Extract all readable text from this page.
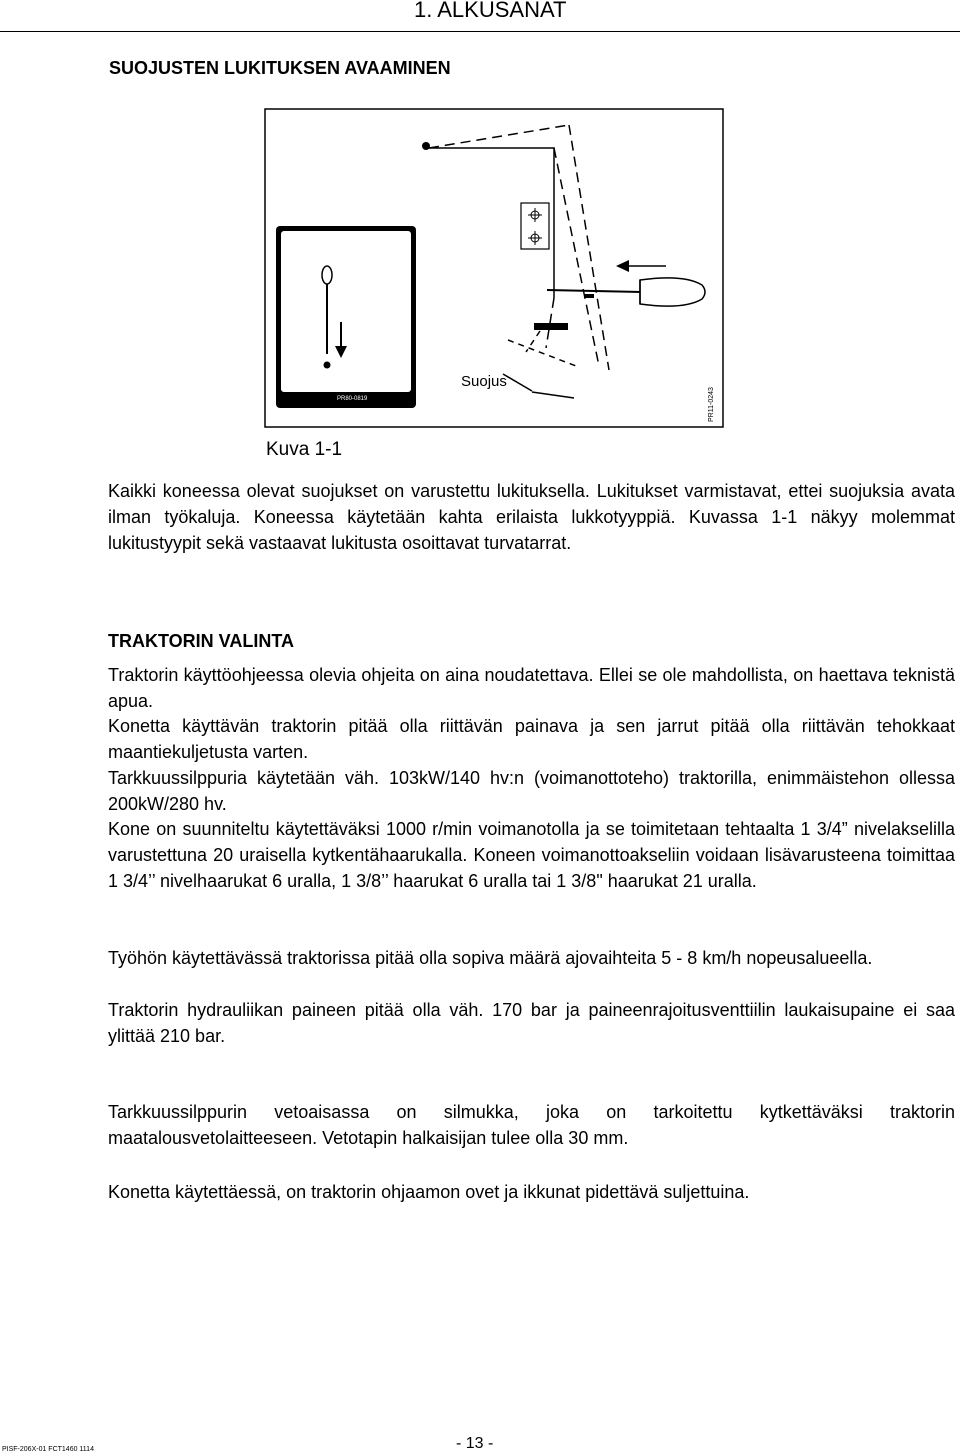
1. ALKUSANAT
SUOJUSTEN LUKITUKSEN AVAAMINEN
PR80-0819
Suojus
PR11-0243
Kuva 1-1
Kaikki koneessa olevat suojukset on varustettu lukituksella. Lukitukset varmistavat, ettei suojuksia avata ilman työkaluja. Koneessa käytetään kahta erilaista lukkotyyppiä. Kuvassa 1-1 näkyy molemmat lukitustyypit sekä vastaavat lukitusta osoittavat turvatarrat.
TRAKTORIN VALINTA
Traktorin käyttöohjeessa olevia ohjeita on aina noudatettava. Ellei se ole mahdollista, on haettava teknistä apua.
Konetta käyttävän traktorin pitää olla riittävän painava ja sen jarrut pitää olla riittävän tehokkaat maantiekuljetusta varten.
Tarkkuussilppuria käytetään väh. 103kW/140 hv:n (voimanottoteho) traktorilla, enimmäistehon ollessa 200kW/280 hv.
Kone on suunniteltu käytettäväksi 1000 r/min voimanotolla ja se toimitetaan tehtaalta 1 3/4” nivelakselilla varustettuna 20 uraisella kytkentähaarukalla. Koneen voimanottoakseliin voidaan lisävarusteena toimittaa 1 3/4’’ nivelhaarukat 6 uralla, 1 3/8’’ haarukat 6 uralla tai 1 3/8" haarukat 21 uralla.
Työhön käytettävässä traktorissa pitää olla sopiva määrä ajovaihteita 5 - 8 km/h nopeusalueella.
Traktorin hydrauliikan paineen pitää olla väh. 170 bar ja paineenrajoitusventtiilin laukaisupaine ei saa ylittää 210 bar.
Tarkkuussilppurin vetoaisassa on silmukka, joka on tarkoitettu kytkettäväksi traktorin maatalousvetolaitteeseen. Vetotapin halkaisijan tulee olla 30 mm.
Konetta käytettäessä, on traktorin ohjaamon ovet ja ikkunat pidettävä suljettuina.
PISF-206X-01 FCT1460 1114	- 13 -
